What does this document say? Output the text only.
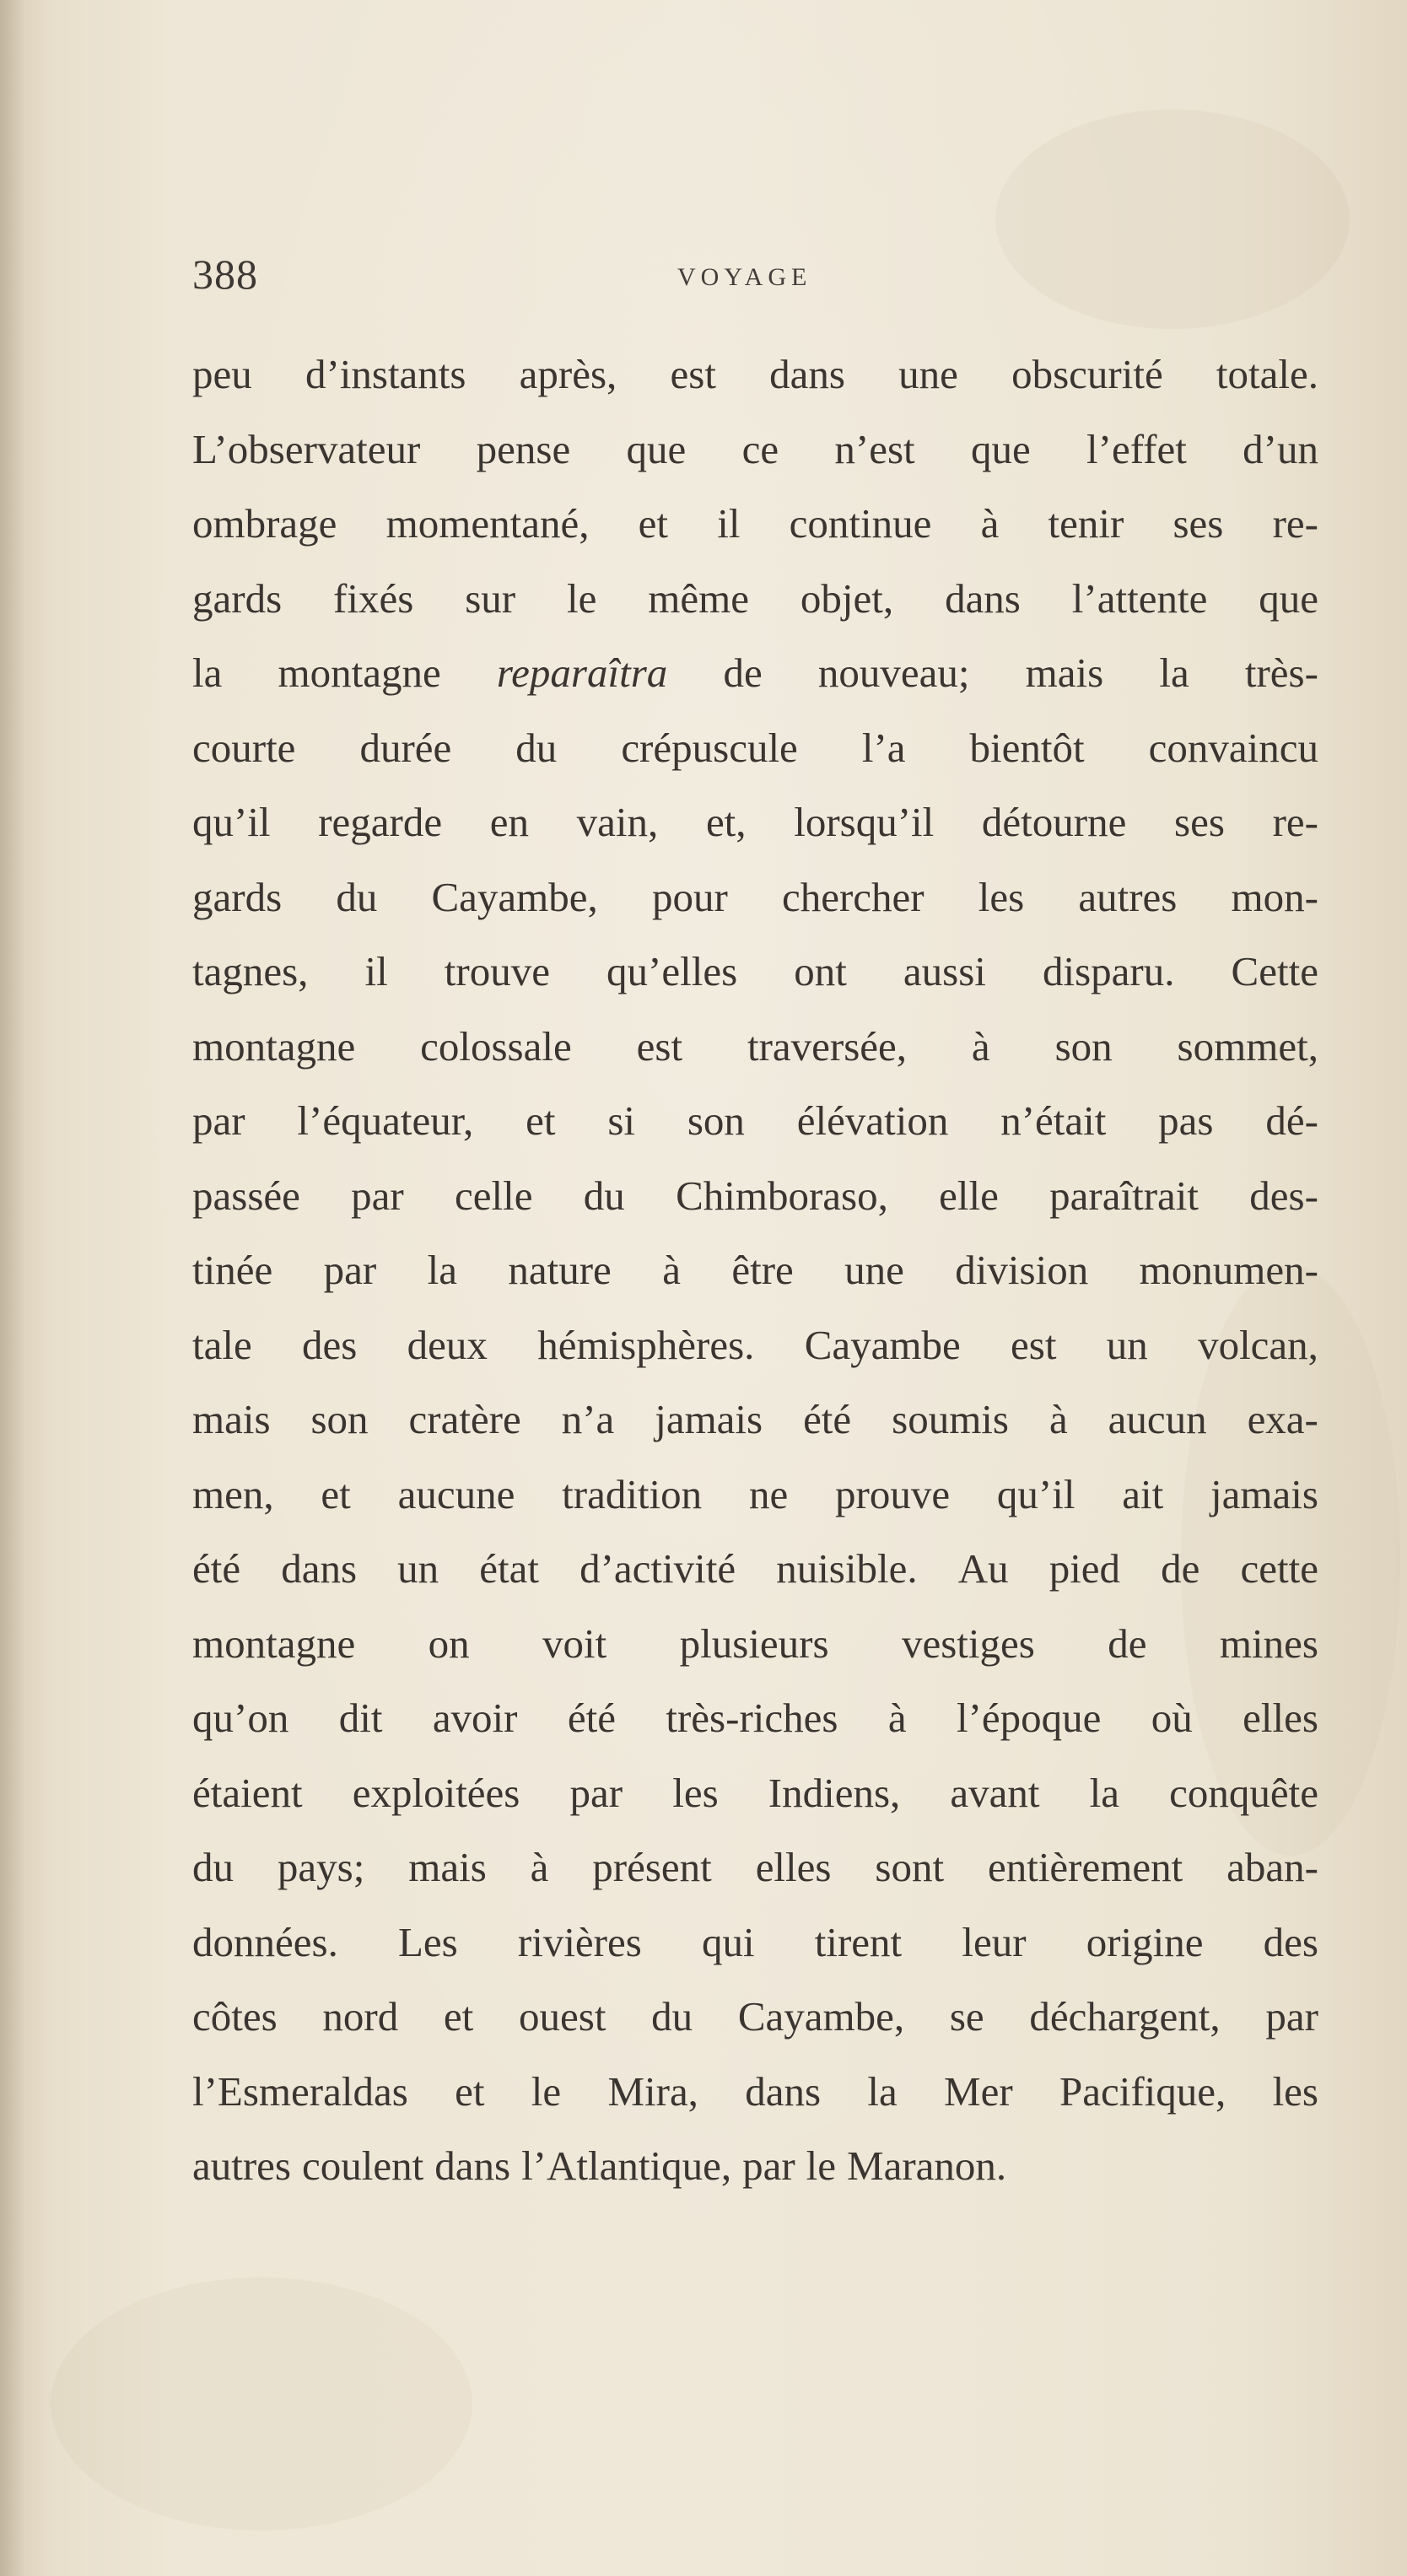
388	VOYAGE
peu d’instants après, est dans une obscurité totale.
L’observateur pense que ce n’est que l’effet d’un
ombrage momentané, et il continue à tenir ses re-
gards fixés sur le même objet, dans l’attente que
la montagne reparaîtra de nouveau; mais la très-
courte durée du crépuscule l’a bientôt convaincu
qu’il regarde en vain, et, lorsqu’il détourne ses re-
gards du Cayambe, pour chercher les autres mon-
tagnes, il trouve qu’elles ont aussi disparu. Cette
montagne colossale est traversée, à son sommet,
par l’équateur, et si son élévation n’était pas dé-
passée par celle du Chimboraso, elle paraîtrait des-
tinée par la nature à être une division monumen-
tale des deux hémisphères. Cayambe est un volcan,
mais son cratère n’a jamais été soumis à aucun exa-
men, et aucune tradition ne prouve qu’il ait jamais
été dans un état d’activité nuisible. Au pied de cette
montagne on voit plusieurs vestiges de mines
qu’on dit avoir été très-riches à l’époque où elles
étaient exploitées par les Indiens, avant la conquête
du pays; mais à présent elles sont entièrement aban-
données. Les rivières qui tirent leur origine des
côtes nord et ouest du Cayambe, se déchargent, par
l’Esmeraldas et le Mira, dans la Mer Pacifique, les
autres coulent dans l’Atlantique, par le Maranon.
